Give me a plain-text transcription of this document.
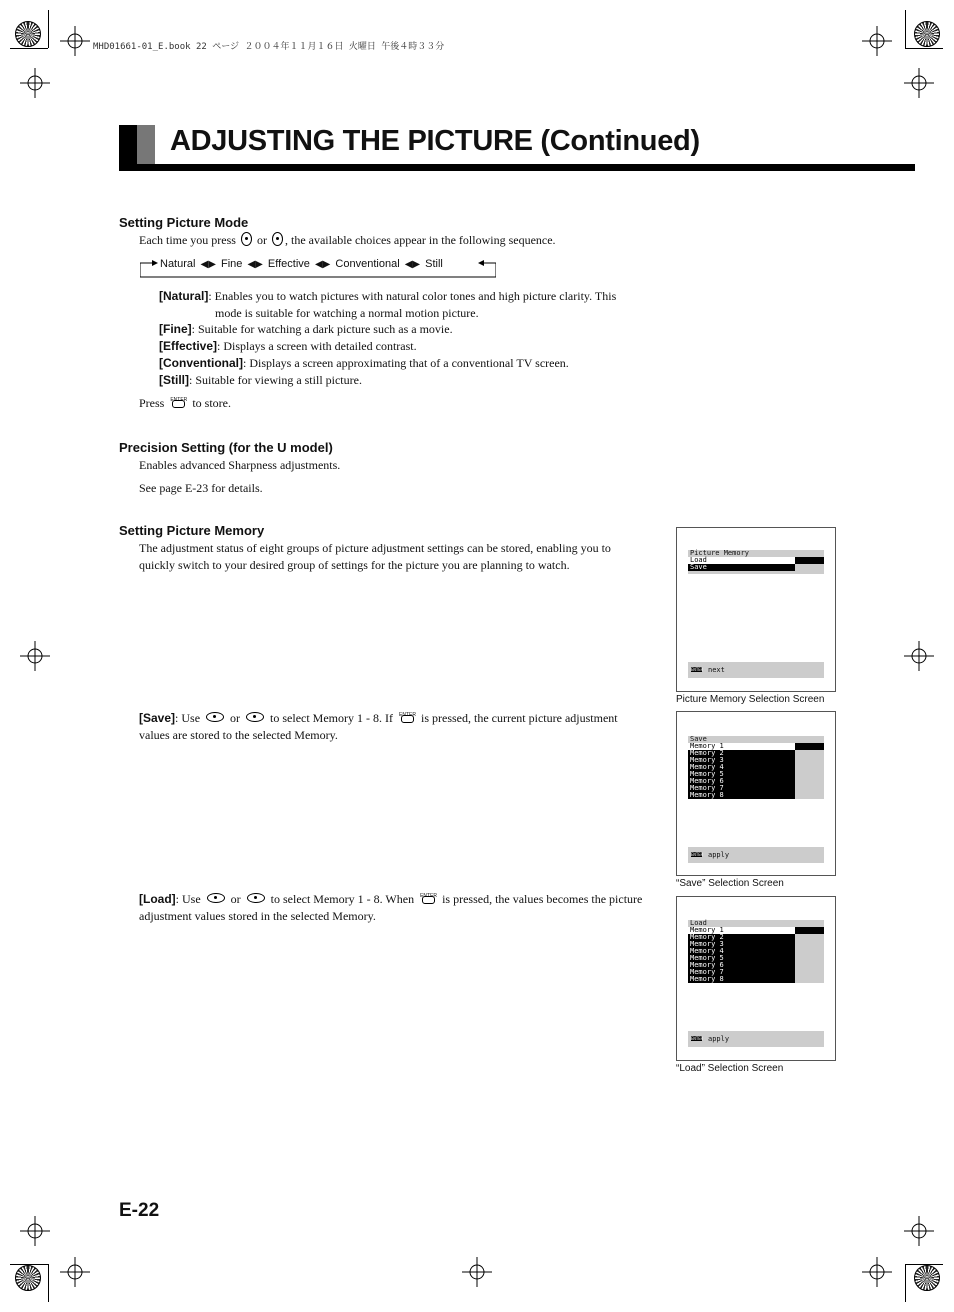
MHD01661-01_E.book 22 ページ ２００４年１１月１６日 火曜日 午後４時３３分
ADJUSTING THE PICTURE (Continued)
Setting Picture Mode
Each time you press or , the available choices appear in the following sequence.
Natural ◀▶ Fine ◀▶ Effective ◀▶ Conventional ◀▶ Still
[Natural]: Enables you to watch pictures with natural color tones and high picture clarity. This
mode is suitable for watching a normal motion picture.
[Fine]: Suitable for watching a dark picture such as a movie.
[Effective]: Displays a screen with detailed contrast.
[Conventional]: Displays a screen approximating that of a conventional TV screen.
[Still]: Suitable for viewing a still picture.
Press ENTER to store.
Precision Setting (for the U model)
Enables advanced Sharpness adjustments.
See page E-23 for details.
Setting Picture Memory
The adjustment status of eight groups of picture adjustment settings can be stored, enabling you to
quickly switch to your desired group of settings for the picture you are planning to watch.
[Save]: Use	or	to select Memory 1 - 8. If ENTER is pressed, the current picture adjustment
values are stored to the selected Memory.
[Load]: Use	or	to select Memory 1 - 8. When ENTER is pressed, the values becomes the picture
adjustment values stored in the selected Memory.
Picture Memory
Load
Save
ENTER next
Picture Memory Selection Screen
Save
Memory 1
Memory 2
Memory 3
Memory 4
Memory 5
Memory 6
Memory 7
Memory 8
ENTER apply
“Save” Selection Screen
Load
Memory 1
Memory 2
Memory 3
Memory 4
Memory 5
Memory 6
Memory 7
Memory 8
ENTER apply
“Load” Selection Screen
E-22
